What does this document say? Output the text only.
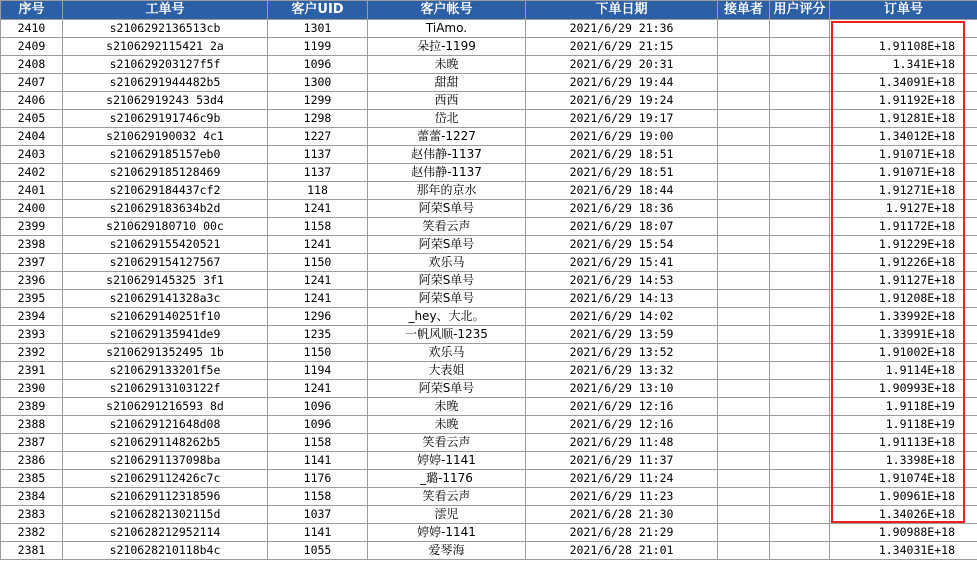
序号	工单号	客户UID	客户帐号	下单日期	接单者	用户评分	订单号
2410	s2106292136513cb	1301	TiAmo.	2021/6/29 21:36			
2409	s2106292115421 2a	1199	朵拉-1199	2021/6/29 21:15			1.91108E+18
2408	s210629203127f5f	1096	未晚	2021/6/29 20:31			1.341E+18
2407	s2106291944482b5	1300	甜甜	2021/6/29 19:44			1.34091E+18
2406	s21062919243 53d4	1299	西西	2021/6/29 19:24			1.91192E+18
2405	s210629191746c9b	1298	岱北	2021/6/29 19:17			1.91281E+18
2404	s210629190032 4c1	1227	蕾蕾-1227	2021/6/29 19:00			1.34012E+18
2403	s210629185157eb0	1137	赵伟静-1137	2021/6/29 18:51			1.91071E+18
2402	s210629185128469	1137	赵伟静-1137	2021/6/29 18:51			1.91071E+18
2401	s210629184437cf2	118	那年的京水	2021/6/29 18:44			1.91271E+18
2400	s210629183634b2d	1241	阿荣S单号	2021/6/29 18:36			1.9127E+18
2399	s210629180710 00c	1158	笑看云声	2021/6/29 18:07			1.91172E+18
2398	s210629155420521	1241	阿荣S单号	2021/6/29 15:54			1.91229E+18
2397	s210629154127567	1150	欢乐马	2021/6/29 15:41			1.91226E+18
2396	s210629145325 3f1	1241	阿荣S单号	2021/6/29 14:53			1.91127E+18
2395	s210629141328a3c	1241	阿荣S单号	2021/6/29 14:13			1.91208E+18
2394	s210629140251f10	1296	_hey、大北。	2021/6/29 14:02			1.33992E+18
2393	s210629135941de9	1235	一帆风顺-1235	2021/6/29 13:59			1.33991E+18
2392	s2106291352495 1b	1150	欢乐马	2021/6/29 13:52			1.91002E+18
2391	s210629133201f5e	1194	大表姐	2021/6/29 13:32			1.9114E+18
2390	s21062913103122f	1241	阿荣S单号	2021/6/29 13:10			1.90993E+18
2389	s2106291216593 8d	1096	未晚	2021/6/29 12:16			1.9118E+19
2388	s210629121648d08	1096	未晚	2021/6/29 12:16			1.9118E+19
2387	s2106291148262b5	1158	笑看云声	2021/6/29 11:48			1.91113E+18
2386	s2106291137098ba	1141	婷婷-1141	2021/6/29 11:37			1.3398E+18
2385	s210629112426c7c	1176	_璐-1176	2021/6/29 11:24			1.91074E+18
2384	s210629112318596	1158	笑看云声	2021/6/29 11:23			1.90961E+18
2383	s21062821302115d	1037	澐児	2021/6/28 21:30			1.34026E+18
2382	s210628212952114	1141	婷婷-1141	2021/6/28 21:29			1.90988E+18
2381	s210628210118b4c	1055	爱琴海	2021/6/28 21:01			1.34031E+18
